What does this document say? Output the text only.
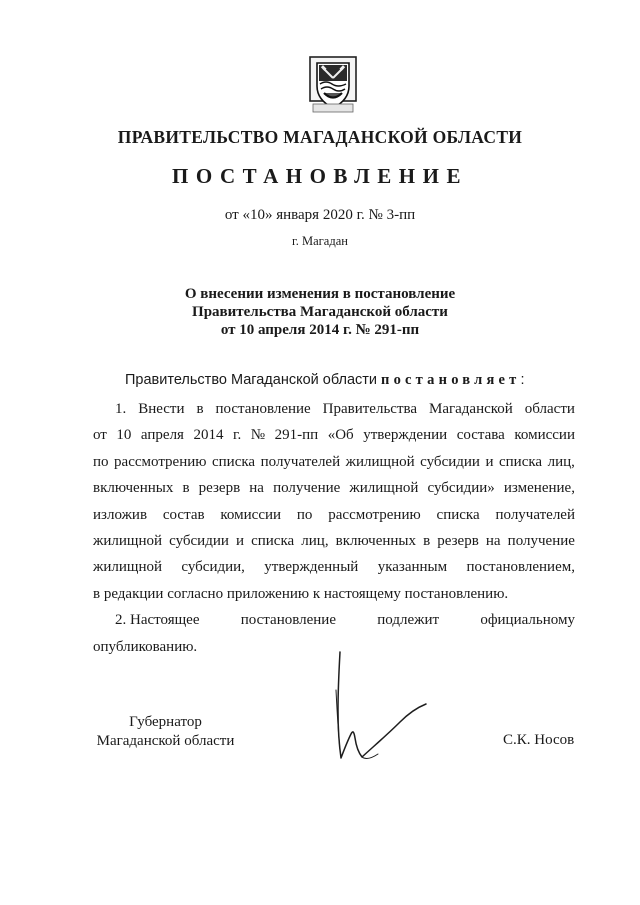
ПРАВИТЕЛЬСТВО МАГАДАНСКОЙ ОБЛАСТИ
ПОСТАНОВЛЕНИЕ
от «10» января 2020 г. № 3-пп
г. Магадан
О внесении изменения в постановление
Правительства Магаданской области
от 10 апреля 2014 г. № 291-пп
Правительство Магаданской области постановляет:
1. Внести в постановление Правительства Магаданской области
от 10 апреля 2014 г. № 291-пп «Об утверждении состава комиссии
по рассмотрению списка получателей жилищной субсидии и списка лиц,
включенных в резерв на получение жилищной субсидии» изменение,
изложив состав комиссии по рассмотрению списка получателей
жилищной субсидии и списка лиц, включенных в резерв на получение
жилищной субсидии, утвержденный указанным постановлением,
в редакции согласно приложению к настоящему постановлению.
2. Настоящее	постановление	подлежит	официальному
опубликованию.
Губернатор
Магаданской области	С.К. Носов
